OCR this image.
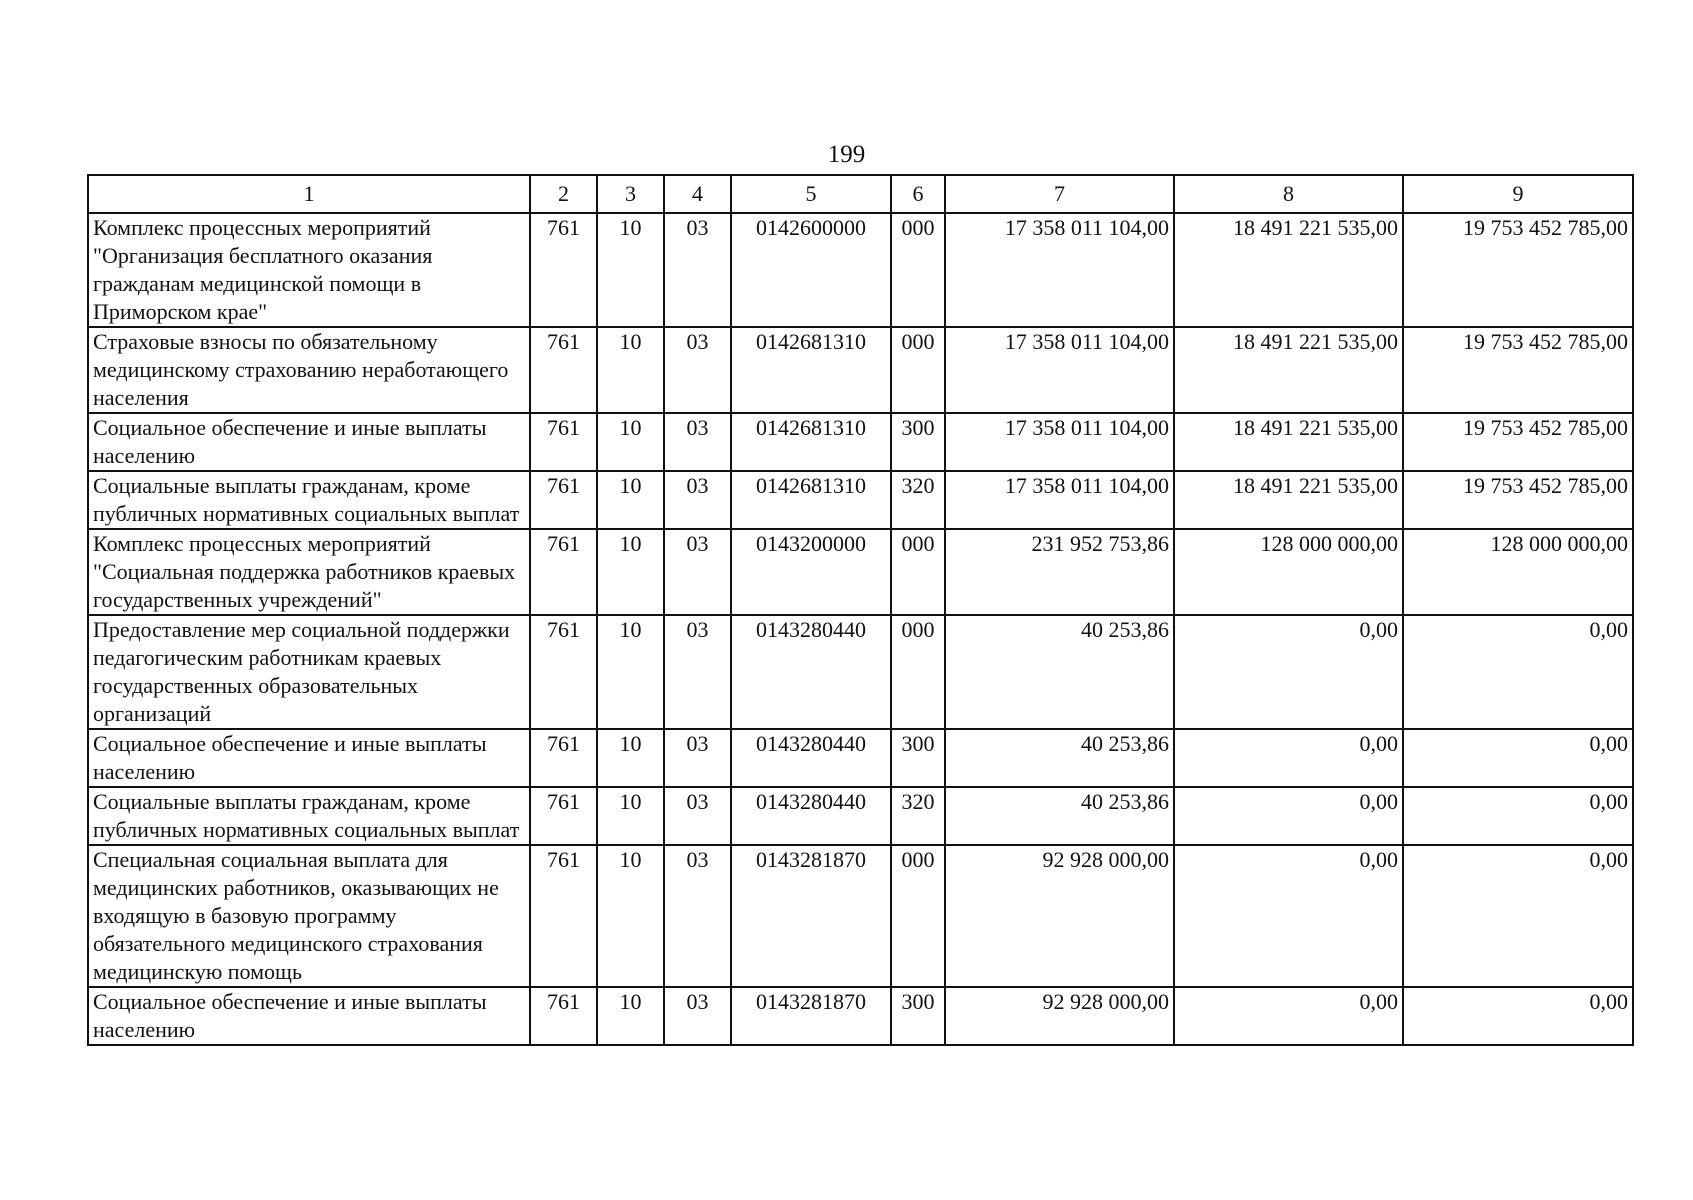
199
1	2	3	4	5	6	7	8	9
Комплекс процессных мероприятий "Организация бесплатного оказания гражданам медицинской помощи в Приморском крае"	761	10	03	0142600000	000	17 358 011 104,00	18 491 221 535,00	19 753 452 785,00
Страховые взносы по обязательному медицинскому страхованию неработающего населения	761	10	03	0142681310	000	17 358 011 104,00	18 491 221 535,00	19 753 452 785,00
Социальное обеспечение и иные выплаты населению	761	10	03	0142681310	300	17 358 011 104,00	18 491 221 535,00	19 753 452 785,00
Социальные выплаты гражданам, кроме публичных нормативных социальных выплат	761	10	03	0142681310	320	17 358 011 104,00	18 491 221 535,00	19 753 452 785,00
Комплекс процессных мероприятий "Социальная поддержка работников краевых государственных учреждений"	761	10	03	0143200000	000	231 952 753,86	128 000 000,00	128 000 000,00
Предоставление мер социальной поддержки педагогическим работникам краевых государственных образовательных организаций	761	10	03	0143280440	000	40 253,86	0,00	0,00
Социальное обеспечение и иные выплаты населению	761	10	03	0143280440	300	40 253,86	0,00	0,00
Социальные выплаты гражданам, кроме публичных нормативных социальных выплат	761	10	03	0143280440	320	40 253,86	0,00	0,00
Специальная социальная выплата для медицинских работников, оказывающих не входящую в базовую программу обязательного медицинского страхования медицинскую помощь	761	10	03	0143281870	000	92 928 000,00	0,00	0,00
Социальное обеспечение и иные выплаты населению	761	10	03	0143281870	300	92 928 000,00	0,00	0,00
